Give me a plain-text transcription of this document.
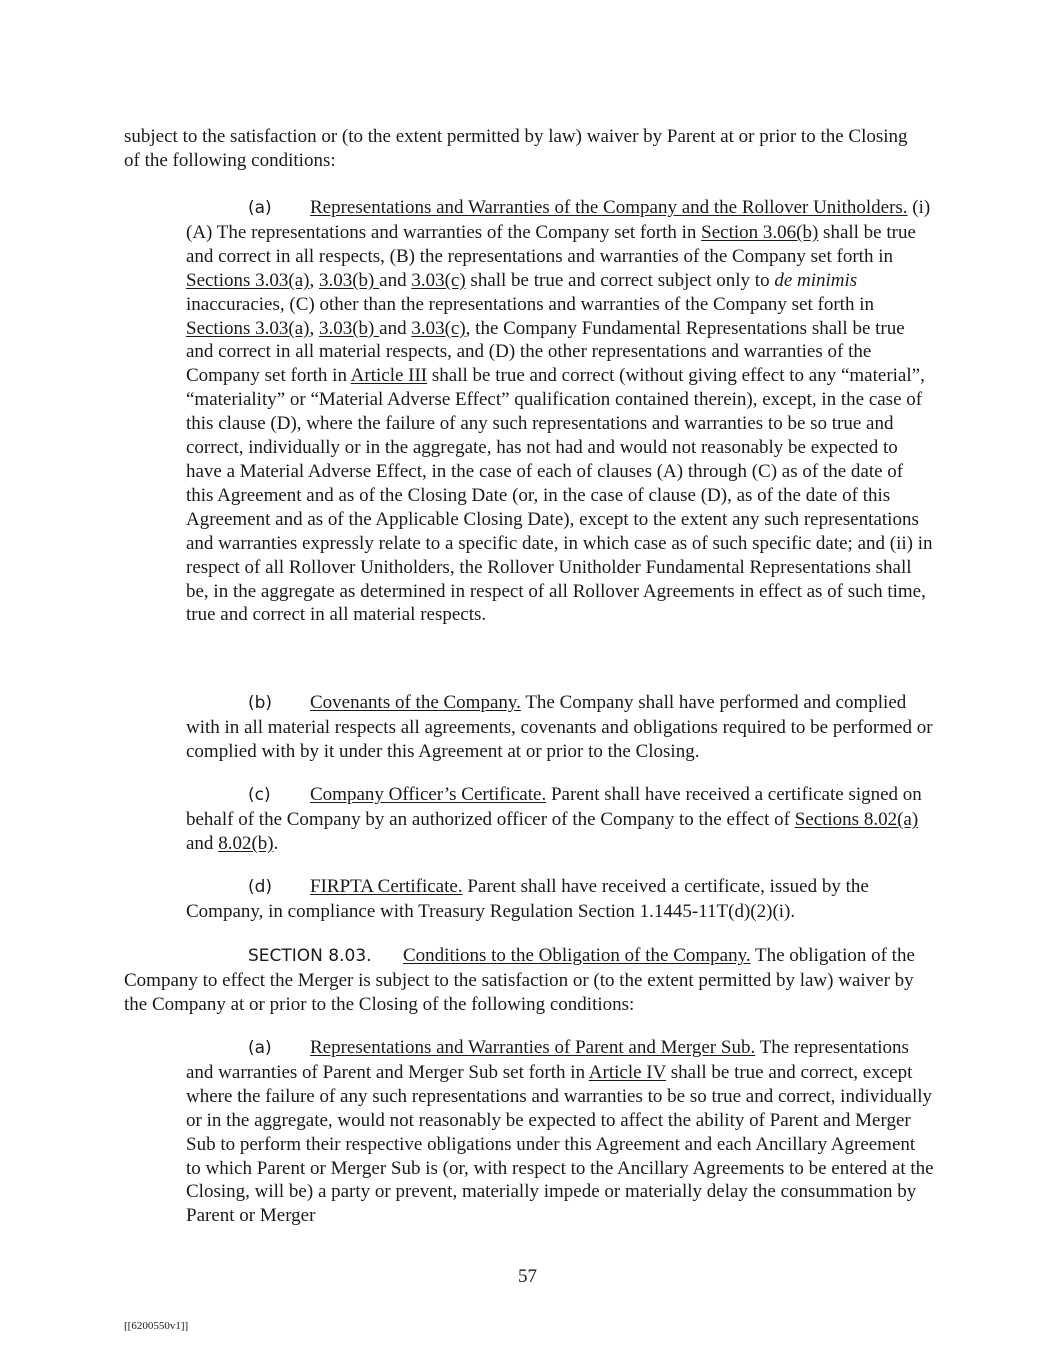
subject to the satisfaction or (to the extent permitted by law) waiver by Parent at or prior to the Closing of the following conditions:

(a) Representations and Warranties of the Company and the Rollover Unitholders. (i) (A) The representations and warranties of the Company set forth in Section 3.06(b) shall be true and correct in all respects, (B) the representations and warranties of the Company set forth in Sections 3.03(a), 3.03(b) and 3.03(c) shall be true and correct subject only to de minimis inaccuracies, (C) other than the representations and warranties of the Company set forth in Sections 3.03(a), 3.03(b) and 3.03(c), the Company Fundamental Representations shall be true and correct in all material respects, and (D) the other representations and warranties of the Company set forth in Article III shall be true and correct (without giving effect to any “material”, “materiality” or “Material Adverse Effect” qualification contained therein), except, in the case of this clause (D), where the failure of any such representations and warranties to be so true and correct, individually or in the aggregate, has not had and would not reasonably be expected to have a Material Adverse Effect, in the case of each of clauses (A) through (C) as of the date of this Agreement and as of the Closing Date (or, in the case of clause (D), as of the date of this Agreement and as of the Applicable Closing Date), except to the extent any such representations and warranties expressly relate to a specific date, in which case as of such specific date; and (ii) in respect of all Rollover Unitholders, the Rollover Unitholder Fundamental Representations shall be, in the aggregate as determined in respect of all Rollover Agreements in effect as of such time, true and correct in all material respects.

(b) Covenants of the Company. The Company shall have performed and complied with in all material respects all agreements, covenants and obligations required to be performed or complied with by it under this Agreement at or prior to the Closing.

(c) Company Officer’s Certificate. Parent shall have received a certificate signed on behalf of the Company by an authorized officer of the Company to the effect of Sections 8.02(a) and 8.02(b).

(d) FIRPTA Certificate. Parent shall have received a certificate, issued by the Company, in compliance with Treasury Regulation Section 1.1445-11T(d)(2)(i).

SECTION 8.03. Conditions to the Obligation of the Company. The obligation of the Company to effect the Merger is subject to the satisfaction or (to the extent permitted by law) waiver by the Company at or prior to the Closing of the following conditions:

(a) Representations and Warranties of Parent and Merger Sub. The representations and warranties of Parent and Merger Sub set forth in Article IV shall be true and correct, except where the failure of any such representations and warranties to be so true and correct, individually or in the aggregate, would not reasonably be expected to affect the ability of Parent and Merger Sub to perform their respective obligations under this Agreement and each Ancillary Agreement to which Parent or Merger Sub is (or, with respect to the Ancillary Agreements to be entered at the Closing, will be) a party or prevent, materially impede or materially delay the consummation by Parent or Merger

57
[[6200550v1]]
